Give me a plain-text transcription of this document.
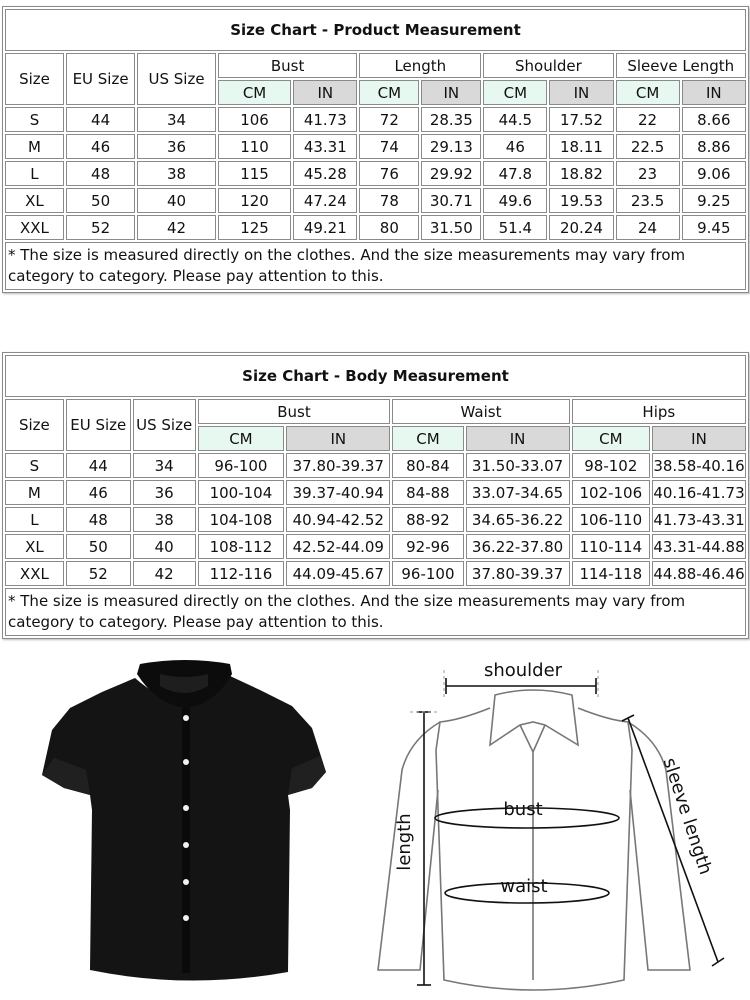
Size Chart - Product Measurement										
Size	EU Size	US Size	Bust		Length		Shoulder		Sleeve Length	
			CM	IN	CM	IN	CM	IN	CM	IN
S	44	34	106	41.73	72	28.35	44.5	17.52	22	8.66
M	46	36	110	43.31	74	29.13	46	18.11	22.5	8.86
L	48	38	115	45.28	76	29.92	47.8	18.82	23	9.06
XL	50	40	120	47.24	78	30.71	49.6	19.53	23.5	9.25
XXL	52	42	125	49.21	80	31.50	51.4	20.24	24	9.45
* The size is measured directly on the clothes. And the size measurements may vary from category to category. Please pay attention to this.										
Size Chart - Body Measurement								
Size	EU Size	US Size	Bust		Waist		Hips	
			CM	IN	CM	IN	CM	IN
S	44	34	96-100	37.80-39.37	80-84	31.50-33.07	98-102	38.58-40.16
M	46	36	100-104	39.37-40.94	84-88	33.07-34.65	102-106	40.16-41.73
L	48	38	104-108	40.94-42.52	88-92	34.65-36.22	106-110	41.73-43.31
XL	50	40	108-112	42.52-44.09	92-96	36.22-37.80	110-114	43.31-44.88
XXL	52	42	112-116	44.09-45.67	96-100	37.80-39.37	114-118	44.88-46.46
* The size is measured directly on the clothes. And the size measurements may vary from category to category. Please pay attention to this.								
shoulder
bust
waist
length	sleeve length
